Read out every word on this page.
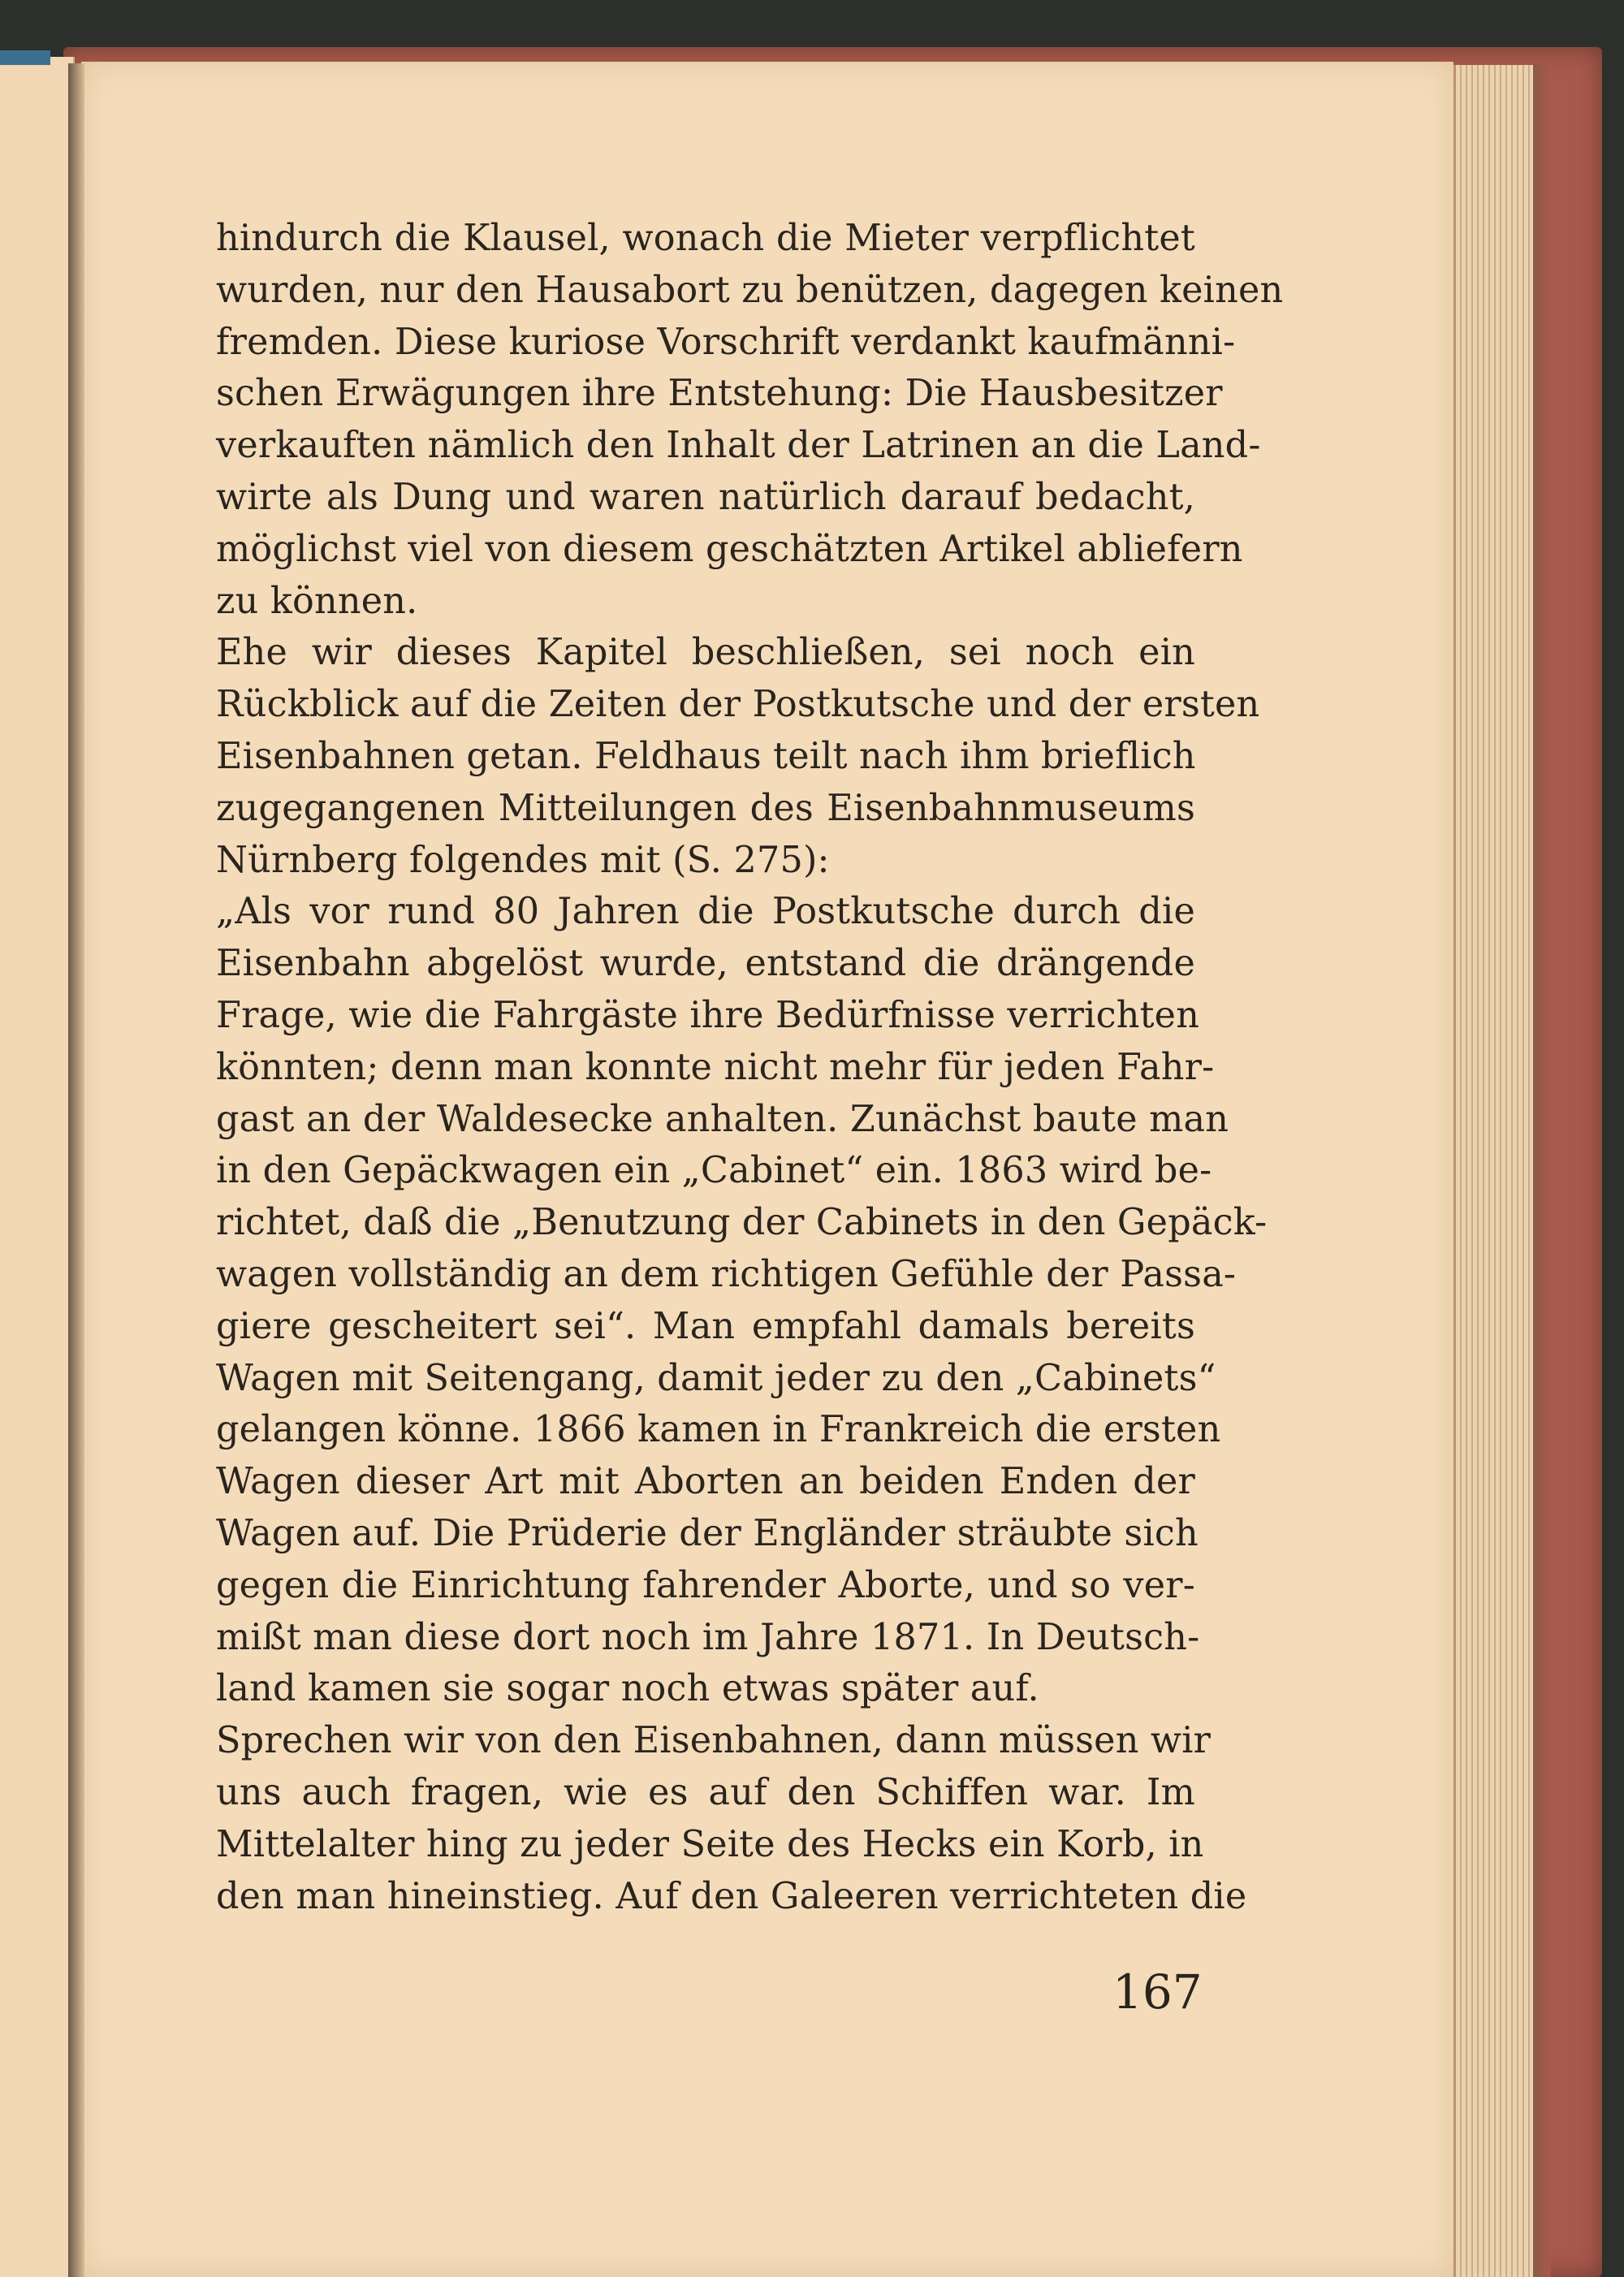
hindurch die Klausel, wonach die Mieter verpflichtet
wurden, nur den Hausabort zu benützen, dagegen keinen
fremden. Diese kuriose Vorschrift verdankt kaufmänni-
schen Erwägungen ihre Entstehung: Die Hausbesitzer
verkauften nämlich den Inhalt der Latrinen an die Land-
wirte als Dung und waren natürlich darauf bedacht,
möglichst viel von diesem geschätzten Artikel abliefern
zu können.
Ehe wir dieses Kapitel beschließen, sei noch ein
Rückblick auf die Zeiten der Postkutsche und der ersten
Eisenbahnen getan. Feldhaus teilt nach ihm brieflich
zugegangenen Mitteilungen des Eisenbahnmuseums
Nürnberg folgendes mit (S. 275):
„Als vor rund 80 Jahren die Postkutsche durch die
Eisenbahn abgelöst wurde, entstand die drängende
Frage, wie die Fahrgäste ihre Bedürfnisse verrichten
könnten; denn man konnte nicht mehr für jeden Fahr-
gast an der Waldesecke anhalten. Zunächst baute man
in den Gepäckwagen ein „Cabinet“ ein. 1863 wird be-
richtet, daß die „Benutzung der Cabinets in den Gepäck-
wagen vollständig an dem richtigen Gefühle der Passa-
giere gescheitert sei“. Man empfahl damals bereits
Wagen mit Seitengang, damit jeder zu den „Cabinets“
gelangen könne. 1866 kamen in Frankreich die ersten
Wagen dieser Art mit Aborten an beiden Enden der
Wagen auf. Die Prüderie der Engländer sträubte sich
gegen die Einrichtung fahrender Aborte, und so ver-
mißt man diese dort noch im Jahre 1871. In Deutsch-
land kamen sie sogar noch etwas später auf.
Sprechen wir von den Eisenbahnen, dann müssen wir
uns auch fragen, wie es auf den Schiffen war. Im
Mittelalter hing zu jeder Seite des Hecks ein Korb, in
den man hineinstieg. Auf den Galeeren verrichteten die
167
